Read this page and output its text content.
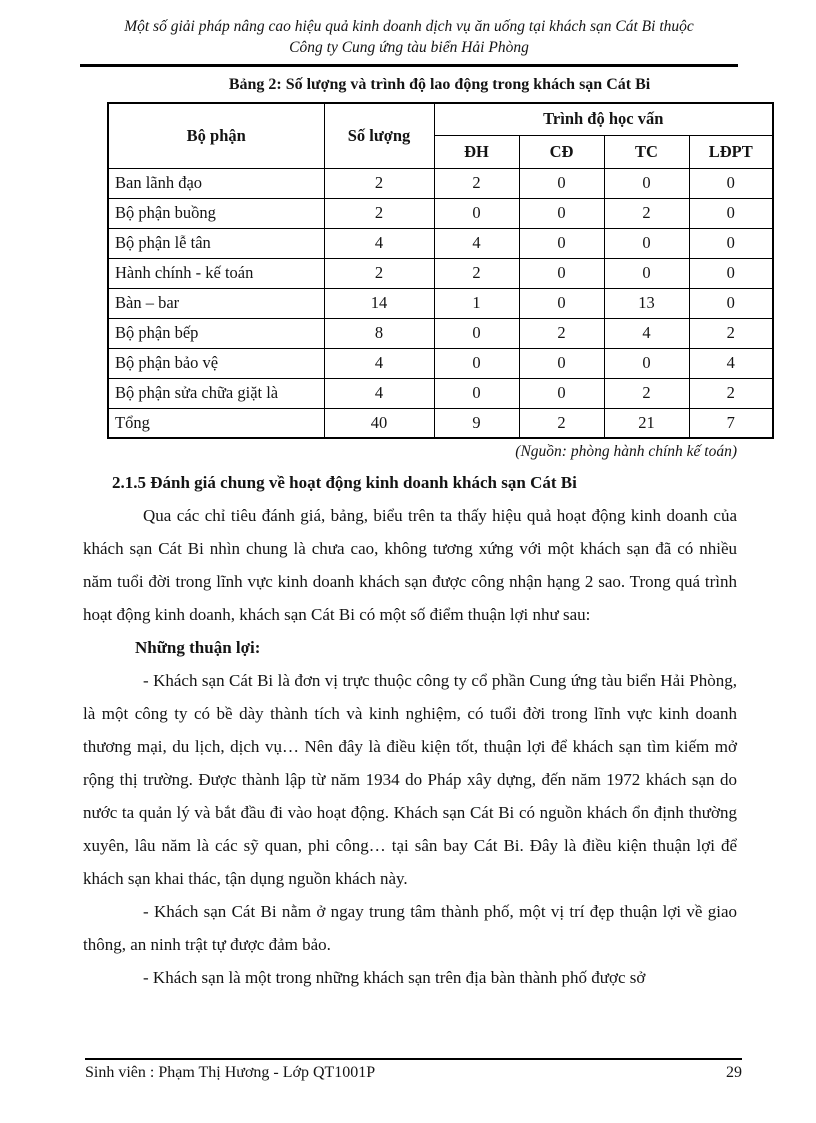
Một số giải pháp nâng cao hiệu quả kinh doanh dịch vụ ăn uống tại khách sạn Cát Bi thuộc
Công ty Cung ứng tàu biển Hải Phòng
Bảng 2: Số lượng và trình độ lao động trong khách sạn Cát Bi
Bộ phận	Số lượng	Trình độ học vấn			
		ĐH	CĐ	TC	LĐPT
Ban lãnh đạo	2	2	0	0	0
Bộ phận buồng	2	0	0	2	0
Bộ phận lễ tân	4	4	0	0	0
Hành chính - kế toán	2	2	0	0	0
Bàn – bar	14	1	0	13	0
Bộ phận bếp	8	0	2	4	2
Bộ phận bảo vệ	4	0	0	0	4
Bộ phận sửa chữa giặt là	4	0	0	2	2
Tổng	40	9	2	21	7
(Nguồn: phòng hành chính kế toán)
2.1.5 Đánh giá chung về hoạt động kinh doanh khách sạn Cát Bi

Qua các chỉ tiêu đánh giá, bảng, biểu trên ta thấy hiệu quả hoạt động kinh doanh của khách sạn Cát Bi nhìn chung là chưa cao, không tương xứng với một khách sạn đã có nhiều năm tuổi đời trong lĩnh vực kinh doanh khách sạn được công nhận hạng 2 sao. Trong quá trình hoạt động kinh doanh, khách sạn Cát Bi có một số điểm thuận lợi như sau:

Những thuận lợi:

- Khách sạn Cát Bi là đơn vị trực thuộc công ty cổ phần Cung ứng tàu biển Hải Phòng, là một công ty có bề dày thành tích và kinh nghiệm, có tuổi đời trong lĩnh vực kinh doanh thương mại, du lịch, dịch vụ… Nên đây là điều kiện tốt, thuận lợi để khách sạn tìm kiếm mở rộng thị trường. Được thành lập từ năm 1934 do Pháp xây dựng, đến năm 1972 khách sạn do nước ta quản lý và bắt đầu đi vào hoạt động. Khách sạn Cát Bi có nguồn khách ổn định thường xuyên, lâu năm là các sỹ quan, phi công… tại sân bay Cát Bi. Đây là điều kiện thuận lợi để khách sạn khai thác, tận dụng nguồn khách này.

- Khách sạn Cát Bi nằm ở ngay trung tâm thành phố, một vị trí đẹp thuận lợi về giao thông, an ninh trật tự được đảm bảo.

- Khách sạn là một trong những khách sạn trên địa bàn thành phố được sở

Sinh viên : Phạm Thị Hương - Lớp QT1001P	29
